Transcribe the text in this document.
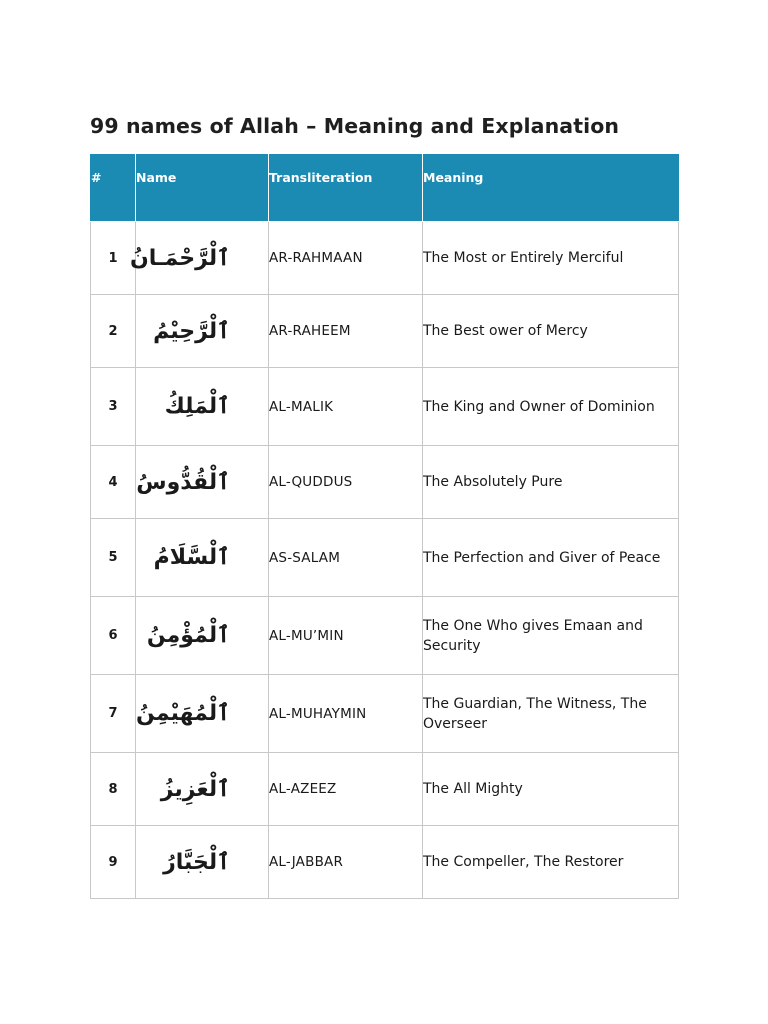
99 names of Allah – Meaning and Explanation
#	Name	Transliteration	Meaning
1	ٱلْرَّحْمَـانُ	AR-RAHMAAN	The Most or Entirely Merciful
2	ٱلْرَّحِيْمُ	AR-RAHEEM	The Best ower of Mercy
3	ٱلْمَلِكُ	AL-MALIK	The King and Owner of Dominion
4	ٱلْقُدُّوسُ	AL-QUDDUS	The Absolutely Pure
5	ٱلْسَّلَامُ	AS-SALAM	The Perfection and Giver of Peace
6	ٱلْمُؤْمِنُ	AL-MU’MIN	The One Who gives Emaan and Security
7	ٱلْمُهَيْمِنُ	AL-MUHAYMIN	The Guardian, The Witness, The Overseer
8	ٱلْعَزِيزُ	AL-AZEEZ	The All Mighty
9	ٱلْجَبَّارُ	AL-JABBAR	The Compeller, The Restorer
